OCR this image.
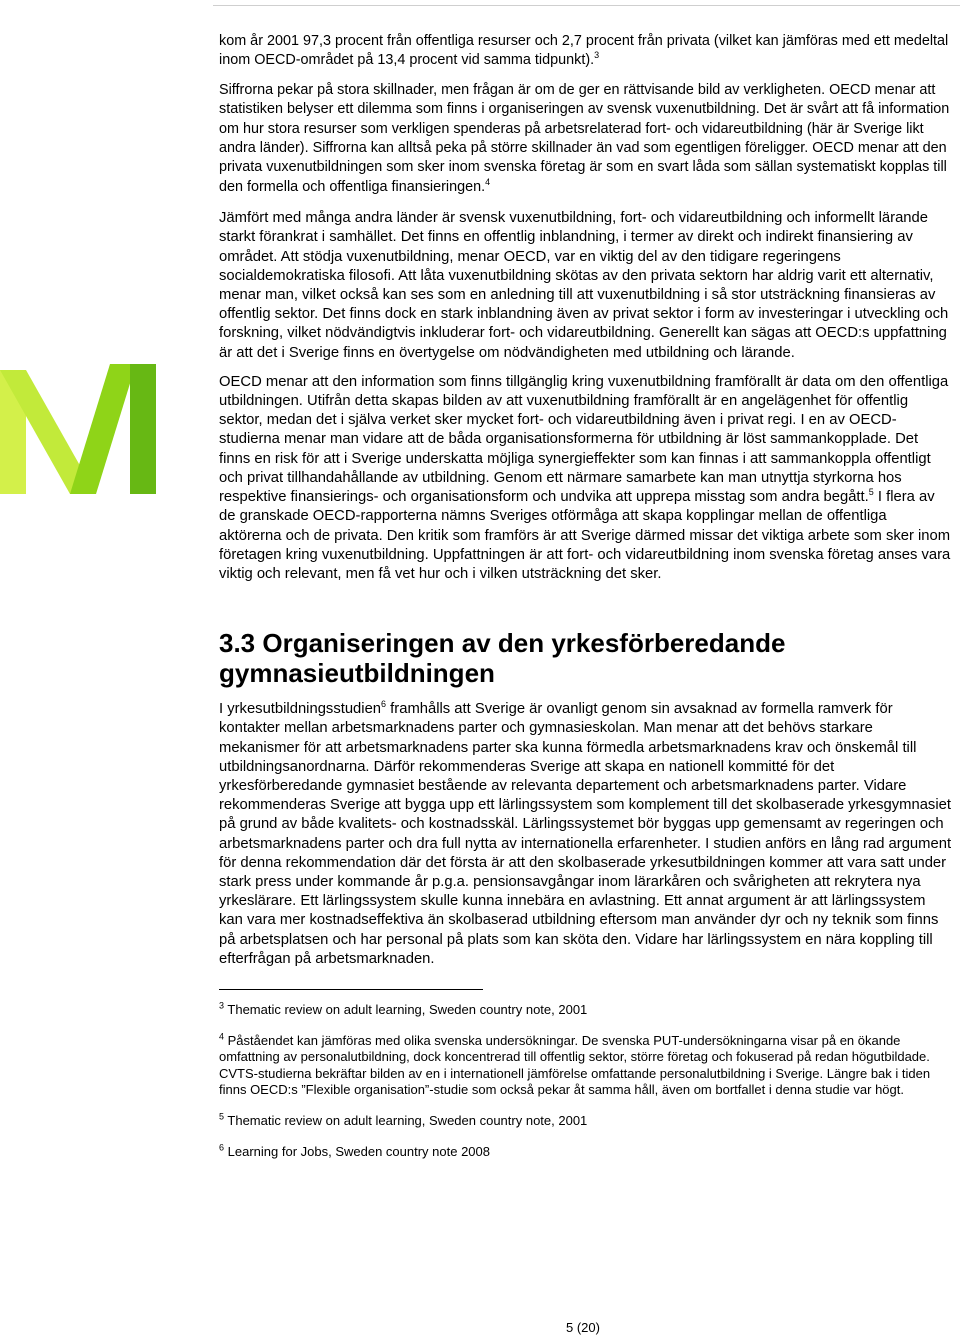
kom år 2001 97,3 procent från offentliga resurser och 2,7 procent från privata (vilket kan jämföras med ett medeltal inom OECD-området på 13,4 procent vid samma tidpunkt).$^3$

Siffrorna pekar på stora skillnader, men frågan är om de ger en rättvisande bild av verkligheten. OECD menar att statistiken belyser ett dilemma som finns i organiseringen av svensk vuxenutbildning. Det är svårt att få information om hur stora resurser som verkligen spenderas på arbetsrelaterad fort- och vidareutbildning (här är Sverige likt andra länder). Siffrorna kan alltså peka på större skillnader än vad som egentligen föreligger. OECD menar att den privata vuxenutbildningen som sker inom svenska företag är som en svart låda som sällan systematiskt kopplas till den formella och offentliga finansieringen.$^4$

Jämfört med många andra länder är svensk vuxenutbildning, fort- och vidareutbildning och informellt lärande starkt förankrat i samhället. Det finns en offentlig inblandning, i termer av direkt och indirekt finansiering av området. Att stödja vuxenutbildning, menar OECD, var en viktig del av den tidigare regeringens socialdemokratiska filosofi. Att låta vuxenutbildning skötas av den privata sektorn har aldrig varit ett alternativ, menar man, vilket också kan ses som en anledning till att vuxenutbildning i så stor utsträckning finansieras av offentlig sektor. Det finns dock en stark inblandning även av privat sektor i form av investeringar i utveckling och forskning, vilket nödvändigtvis inkluderar fort- och vidareutbildning. Generellt kan sägas att OECD:s uppfattning är att det i Sverige finns en övertygelse om nödvändigheten med utbildning och lärande.

OECD menar att den information som finns tillgänglig kring vuxenutbildning framförallt är data om den offentliga utbildningen. Utifrån detta skapas bilden av att vuxenutbildning framförallt är en angelägenhet för offentlig sektor, medan det i själva verket sker mycket fort- och vidareutbildning även i privat regi. I en av OECD-studierna menar man vidare att de båda organisationsformerna för utbildning är löst sammankopplade. Det finns en risk för att i Sverige underskatta möjliga synergieffekter som kan finnas i att sammankoppla offentligt och privat tillhandahållande av utbildning. Genom ett närmare samarbete kan man utnyttja styrkorna hos respektive finansierings- och organisationsform och undvika att upprepa misstag som andra begått.$^5$ I flera av de granskade OECD-rapporterna nämns Sveriges otförmåga att skapa kopplingar mellan de offentliga aktörerna och de privata. Den kritik som framförs är att Sverige därmed missar det viktiga arbete som sker inom företagen kring vuxenutbildning. Uppfattningen är att fort- och vidareutbildning inom svenska företag anses vara viktig och relevant, men få vet hur och i vilken utsträckning det sker.

3.3 Organiseringen av den yrkesförberedande
gymnasieutbildningen

I yrkesutbildningsstudien$^6$ framhålls att Sverige är ovanligt genom sin avsaknad av formella ramverk för kontakter mellan arbetsmarknadens parter och gymnasieskolan. Man menar att det behövs starkare mekanismer för att arbetsmarknadens parter ska kunna förmedla arbetsmarknadens krav och önskemål till utbildningsanordnarna. Därför rekommenderas Sverige att skapa en nationell kommitté för det yrkesförberedande gymnasiet bestående av relevanta departement och arbetsmarknadens parter. Vidare rekommenderas Sverige att bygga upp ett lärlingssystem som komplement till det skolbaserade yrkesgymnasiet på grund av både kvalitets- och kostnadsskäl. Lärlingssystemet bör byggas upp gemensamt av regeringen och arbetsmarknadens parter och dra full nytta av internationella erfarenheter. I studien anförs en lång rad argument för denna rekommendation där det första är att den skolbaserade yrkesutbildningen kommer att vara satt under stark press under kommande år p.g.a. pensionsavgångar inom lärarkåren och svårigheten att rekrytera nya yrkeslärare. Ett lärlingssystem skulle kunna innebära en avlastning. Ett annat argument är att lärlingssystem kan vara mer kostnadseffektiva än skolbaserad utbildning eftersom man använder dyr och ny teknik som finns på arbetsplatsen och har personal på plats som kan sköta den. Vidare har lärlingssystem en nära koppling till efterfrågan på arbetsmarknaden.

$^3$ Thematic review on adult learning, Sweden country note, 2001

$^4$ Påståendet kan jämföras med olika svenska undersökningar. De svenska PUT-undersökningarna visar på en ökande omfattning av personalutbildning, dock koncentrerad till offentlig sektor, större företag och fokuserad på redan högutbildade. CVTS-studierna bekräftar bilden av en i internationell jämförelse omfattande personalutbildning i Sverige. Längre bak i tiden finns OECD:s ”Flexible organisation”-studie som också pekar åt samma håll, även om bortfallet i denna studie var högt.

$^5$ Thematic review on adult learning, Sweden country note, 2001

$^6$ Learning for Jobs, Sweden country note 2008

5 (20)
